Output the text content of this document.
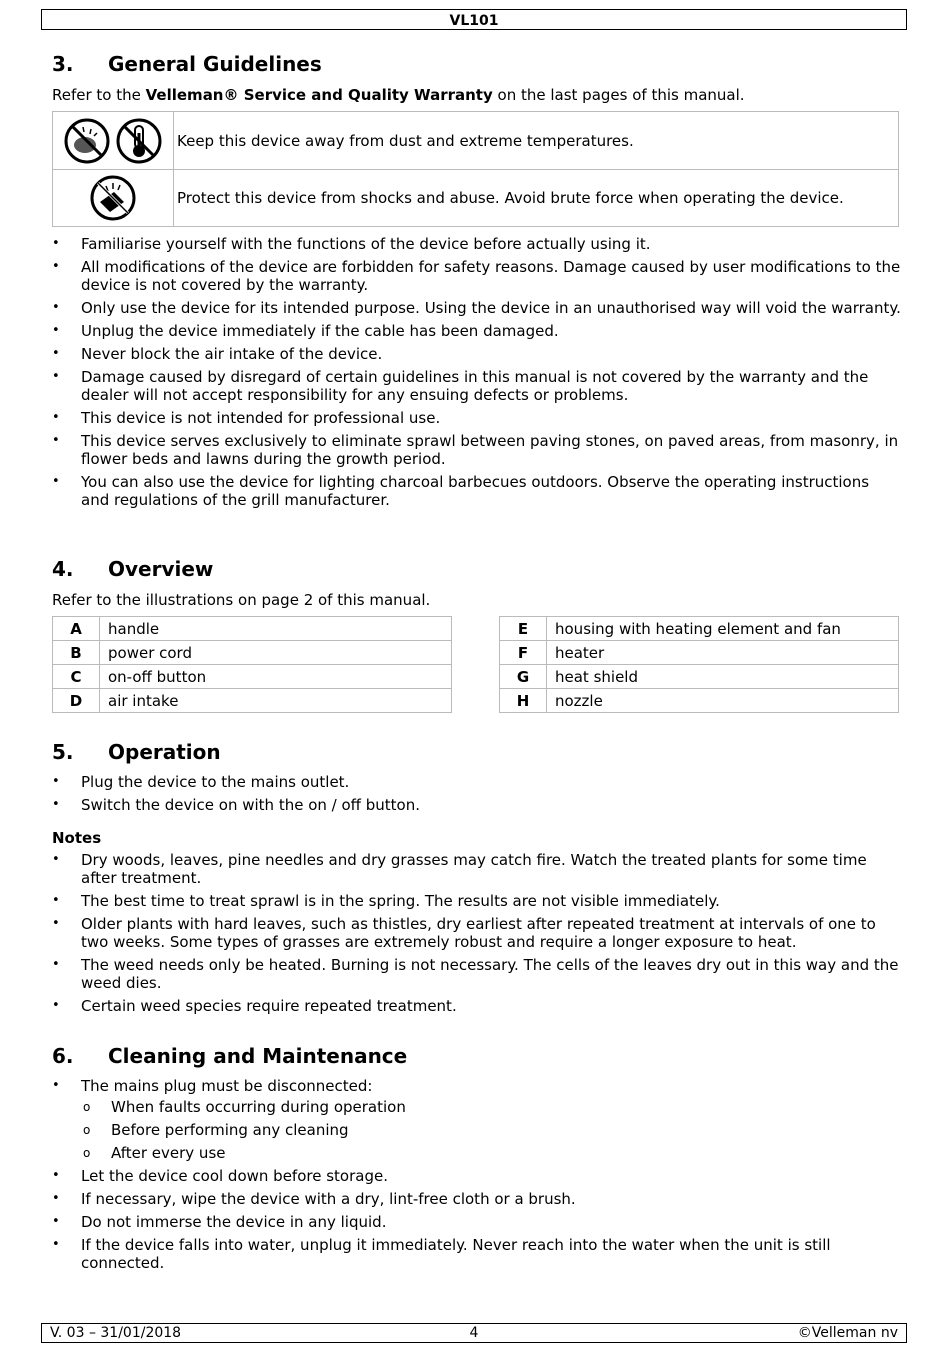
VL101
3. General Guidelines

Refer to the Velleman® Service and Quality Warranty on the last pages of this manual.

	Keep this device away from dust and extreme temperatures.
	Protect this device from shocks and abuse. Avoid brute force when operating the device.
• Familiarise yourself with the functions of the device before actually using it.
• All modifications of the device are forbidden for safety reasons. Damage caused by user modifications to the device is not covered by the warranty.
• Only use the device for its intended purpose. Using the device in an unauthorised way will void the warranty.
• Unplug the device immediately if the cable has been damaged.
• Never block the air intake of the device.
• Damage caused by disregard of certain guidelines in this manual is not covered by the warranty and the dealer will not accept responsibility for any ensuing defects or problems.
• This device is not intended for professional use.
• This device serves exclusively to eliminate sprawl between paving stones, on paved areas, from masonry, in flower beds and lawns during the growth period.
• You can also use the device for lighting charcoal barbecues outdoors. Observe the operating instructions and regulations of the grill manufacturer.
4. Overview

Refer to the illustrations on page 2 of this manual.

A	handle
B	power cord
C	on-off button
D	air intake
E	housing with heating element and fan
F	heater
G	heat shield
H	nozzle
5. Operation
• Plug the device to the mains outlet.
• Switch the device on with the on / off button.
Notes
• Dry woods, leaves, pine needles and dry grasses may catch fire. Watch the treated plants for some time after treatment.
• The best time to treat sprawl is in the spring. The results are not visible immediately.
• Older plants with hard leaves, such as thistles, dry earliest after repeated treatment at intervals of one to two weeks. Some types of grasses are extremely robust and require a longer exposure to heat.
• The weed needs only be heated. Burning is not necessary. The cells of the leaves dry out in this way and the weed dies.
• Certain weed species require repeated treatment.
6. Cleaning and Maintenance
• The mains plug must be disconnected:
o When faults occurring during operation
o Before performing any cleaning
o After every use
• Let the device cool down before storage.
• If necessary, wipe the device with a dry, lint-free cloth or a brush.
• Do not immerse the device in any liquid.
• If the device falls into water, unplug it immediately. Never reach into the water when the unit is still connected.
V. 03 – 31/01/2018	4	©Velleman nv
